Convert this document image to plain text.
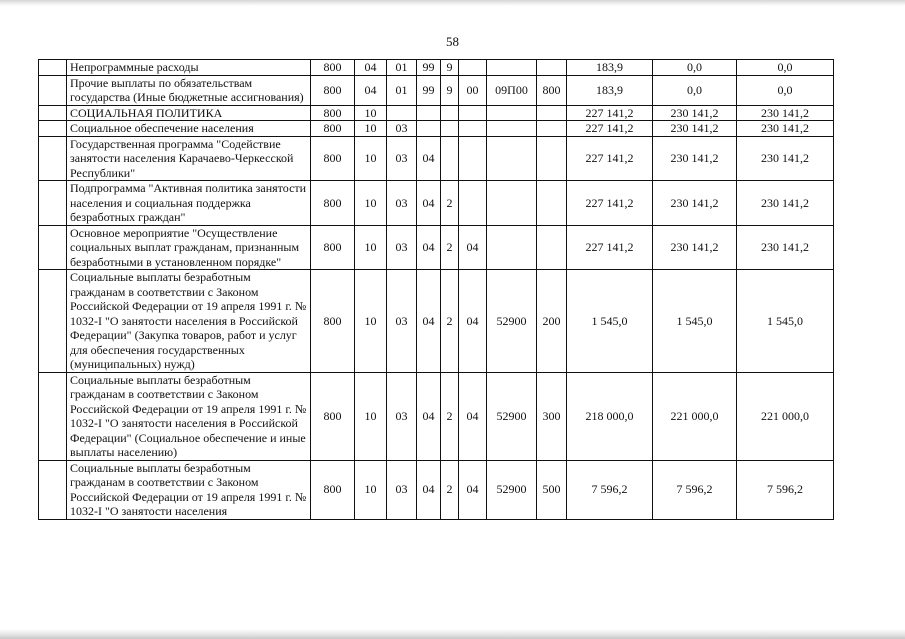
58
	Непрограммные расходы	800	04	01	99	9				183,9	0,0	0,0
	Прочие выплаты по обязательствам государства (Иные бюджетные ассигнования)	800	04	01	99	9	00	09П00	800	183,9	0,0	0,0
	СОЦИАЛЬНАЯ ПОЛИТИКА	800	10							227 141,2	230 141,2	230 141,2
	Социальное обеспечение населения	800	10	03						227 141,2	230 141,2	230 141,2
	Государственная программа "Содействие занятости населения Карачаево-Черкесской Республики"	800	10	03	04					227 141,2	230 141,2	230 141,2
	Подпрограмма "Активная политика занятости населения и социальная поддержка безработных граждан"	800	10	03	04	2				227 141,2	230 141,2	230 141,2
	Основное мероприятие "Осуществление социальных выплат гражданам, признанным безработными в установленном порядке"	800	10	03	04	2	04			227 141,2	230 141,2	230 141,2
	Социальные выплаты безработным гражданам в соответствии с Законом Российской Федерации от 19 апреля 1991 г. № 1032-I "О занятости населения в Российской Федерации" (Закупка товаров, работ и услуг для обеспечения государственных (муниципальных) нужд)	800	10	03	04	2	04	52900	200	1 545,0	1 545,0	1 545,0
	Социальные выплаты безработным гражданам в соответствии с Законом Российской Федерации от 19 апреля 1991 г. № 1032-I "О занятости населения в Российской Федерации" (Социальное обеспечение и иные выплаты населению)	800	10	03	04	2	04	52900	300	218 000,0	221 000,0	221 000,0
	Социальные выплаты безработным гражданам в соответствии с Законом Российской Федерации от 19 апреля 1991 г. № 1032-I "О занятости населения	800	10	03	04	2	04	52900	500	7 596,2	7 596,2	7 596,2
